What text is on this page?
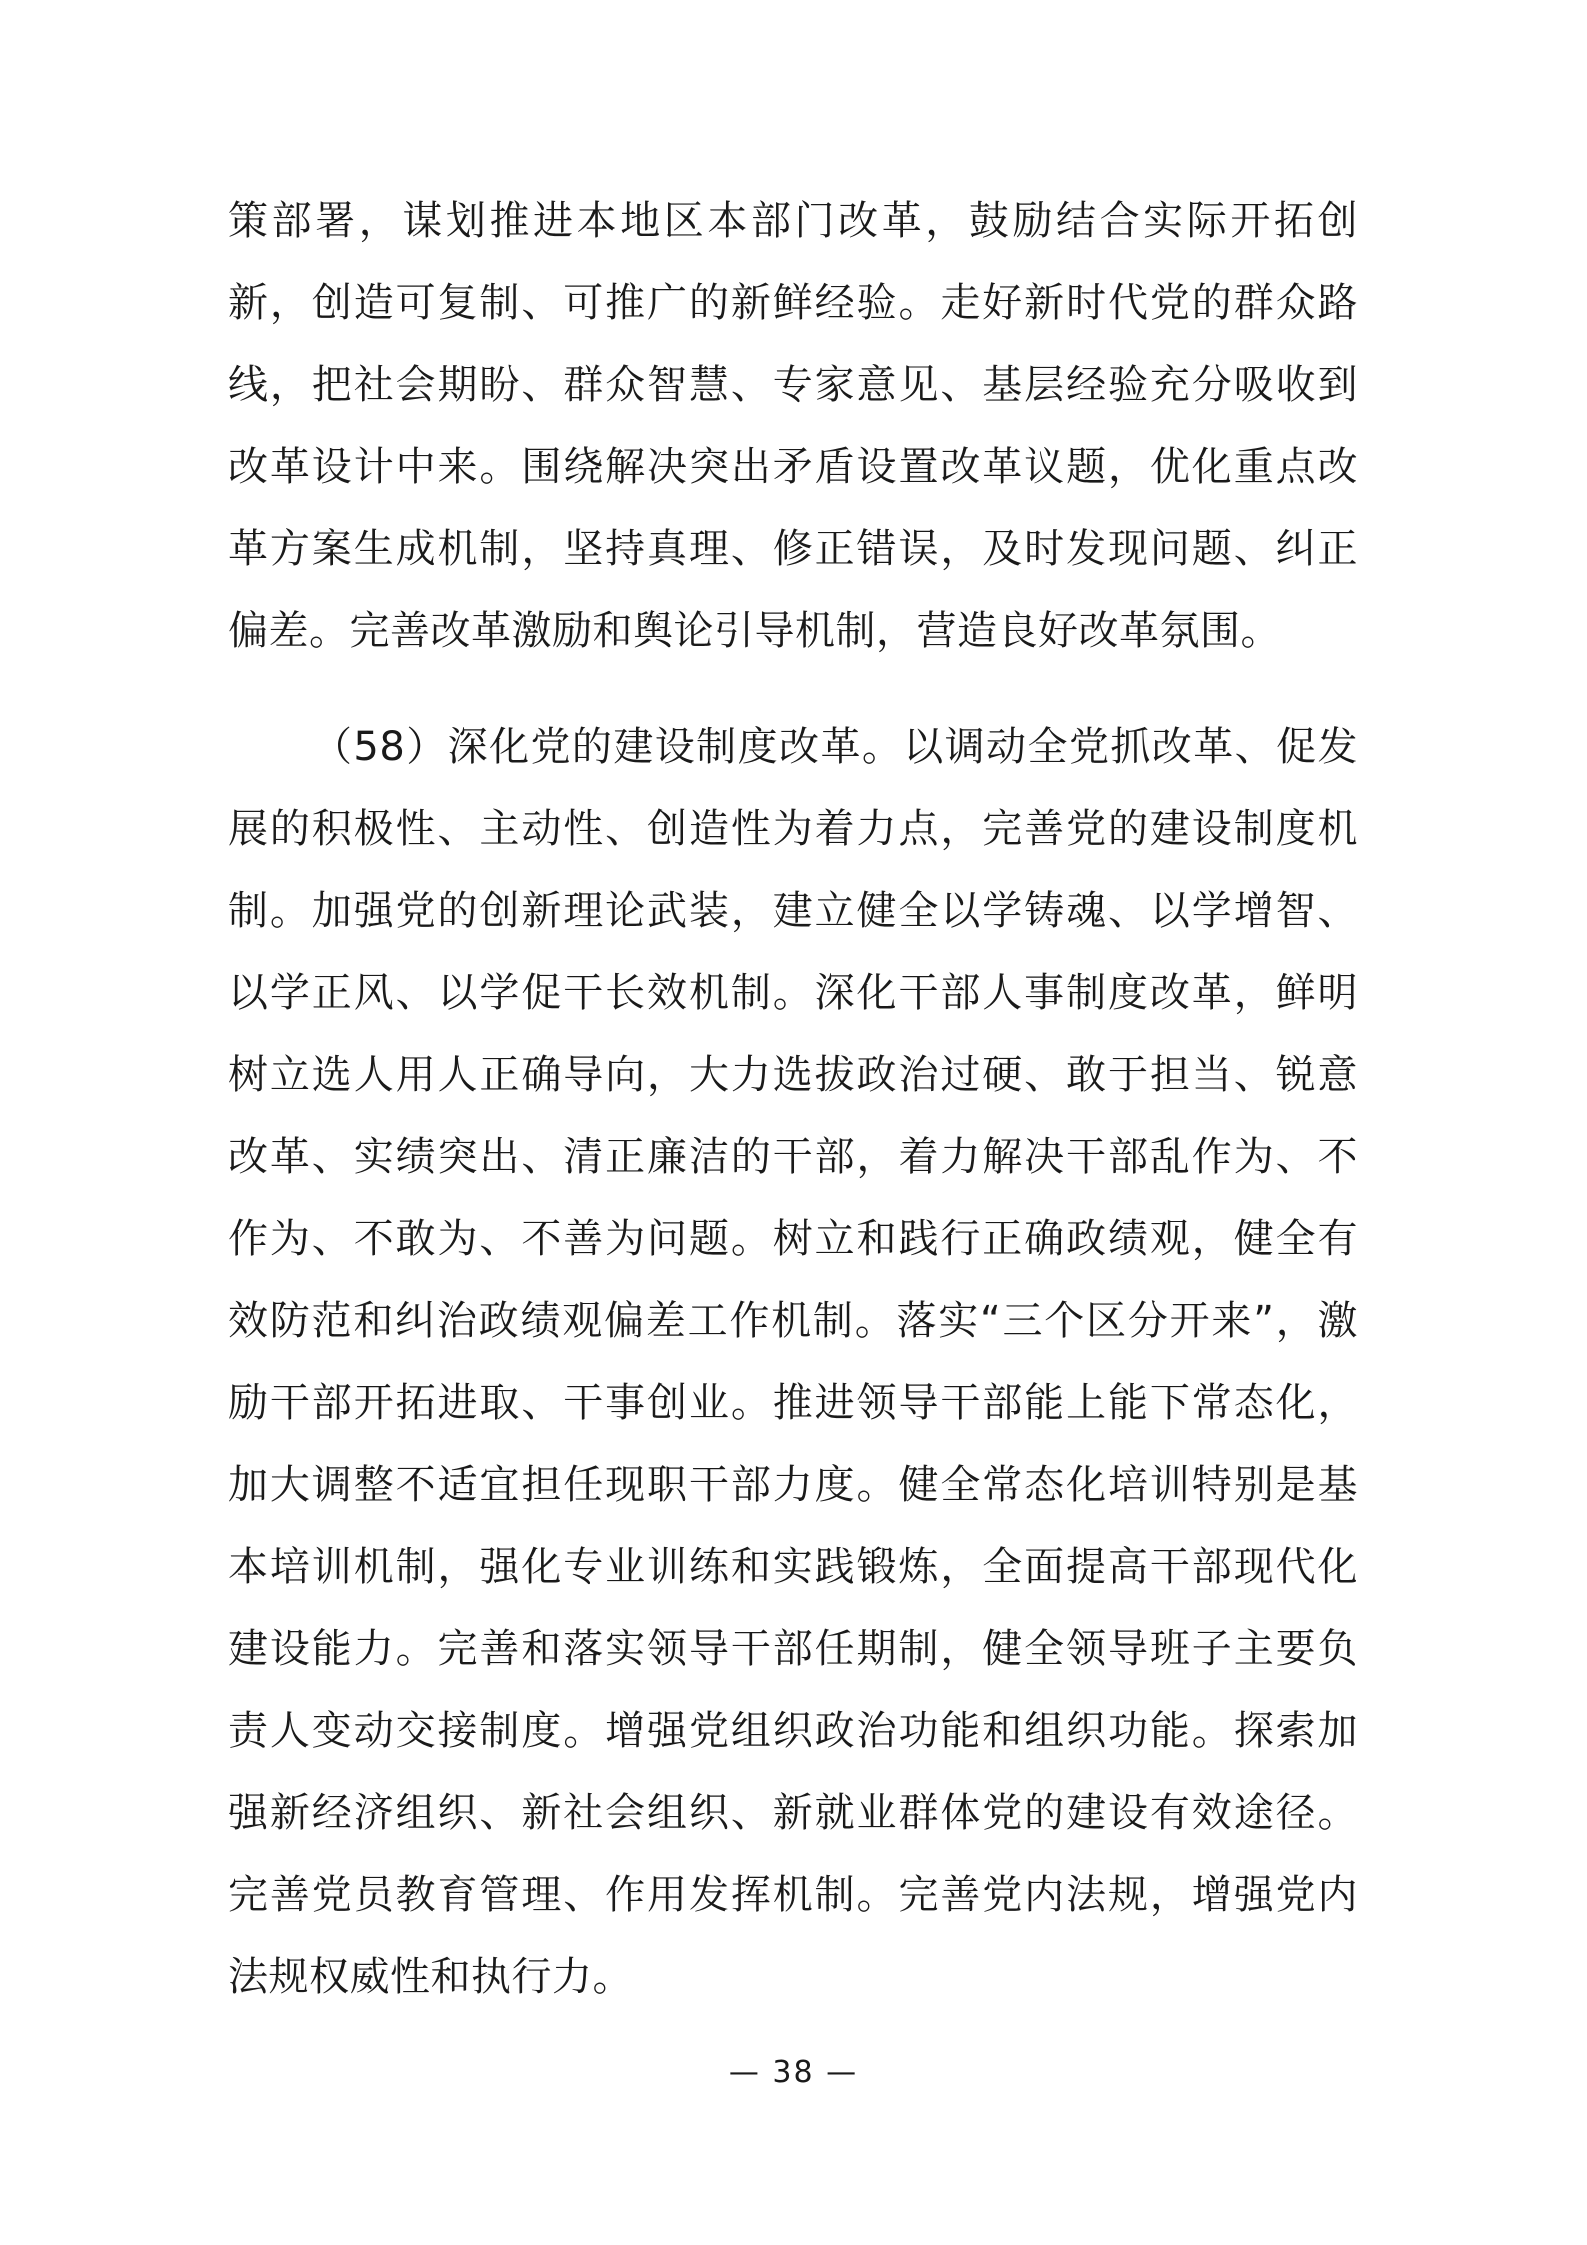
策部署，谋划推进本地区本部门改革，鼓励结合实际开拓创新，创造可复制、可推广的新鲜经验。走好新时代党的群众路线，把社会期盼、群众智慧、专家意见、基层经验充分吸收到改革设计中来。围绕解决突出矛盾设置改革议题，优化重点改革方案生成机制，坚持真理、修正错误，及时发现问题、纠正偏差。完善改革激励和舆论引导机制，营造良好改革氛围。

（58）深化党的建设制度改革。以调动全党抓改革、促发展的积极性、主动性、创造性为着力点，完善党的建设制度机制。加强党的创新理论武装，建立健全以学铸魂、以学增智、以学正风、以学促干长效机制。深化干部人事制度改革，鲜明树立选人用人正确导向，大力选拔政治过硬、敢于担当、锐意改革、实绩突出、清正廉洁的干部，着力解决干部乱作为、不作为、不敢为、不善为问题。树立和践行正确政绩观，健全有效防范和纠治政绩观偏差工作机制。落实“三个区分开来”，激励干部开拓进取、干事创业。推进领导干部能上能下常态化，加大调整不适宜担任现职干部力度。健全常态化培训特别是基本培训机制，强化专业训练和实践锻炼，全面提高干部现代化建设能力。完善和落实领导干部任期制，健全领导班子主要负责人变动交接制度。增强党组织政治功能和组织功能。探索加强新经济组织、新社会组织、新就业群体党的建设有效途径。完善党员教育管理、作用发挥机制。完善党内法规，增强党内法规权威性和执行力。

— 38 —
